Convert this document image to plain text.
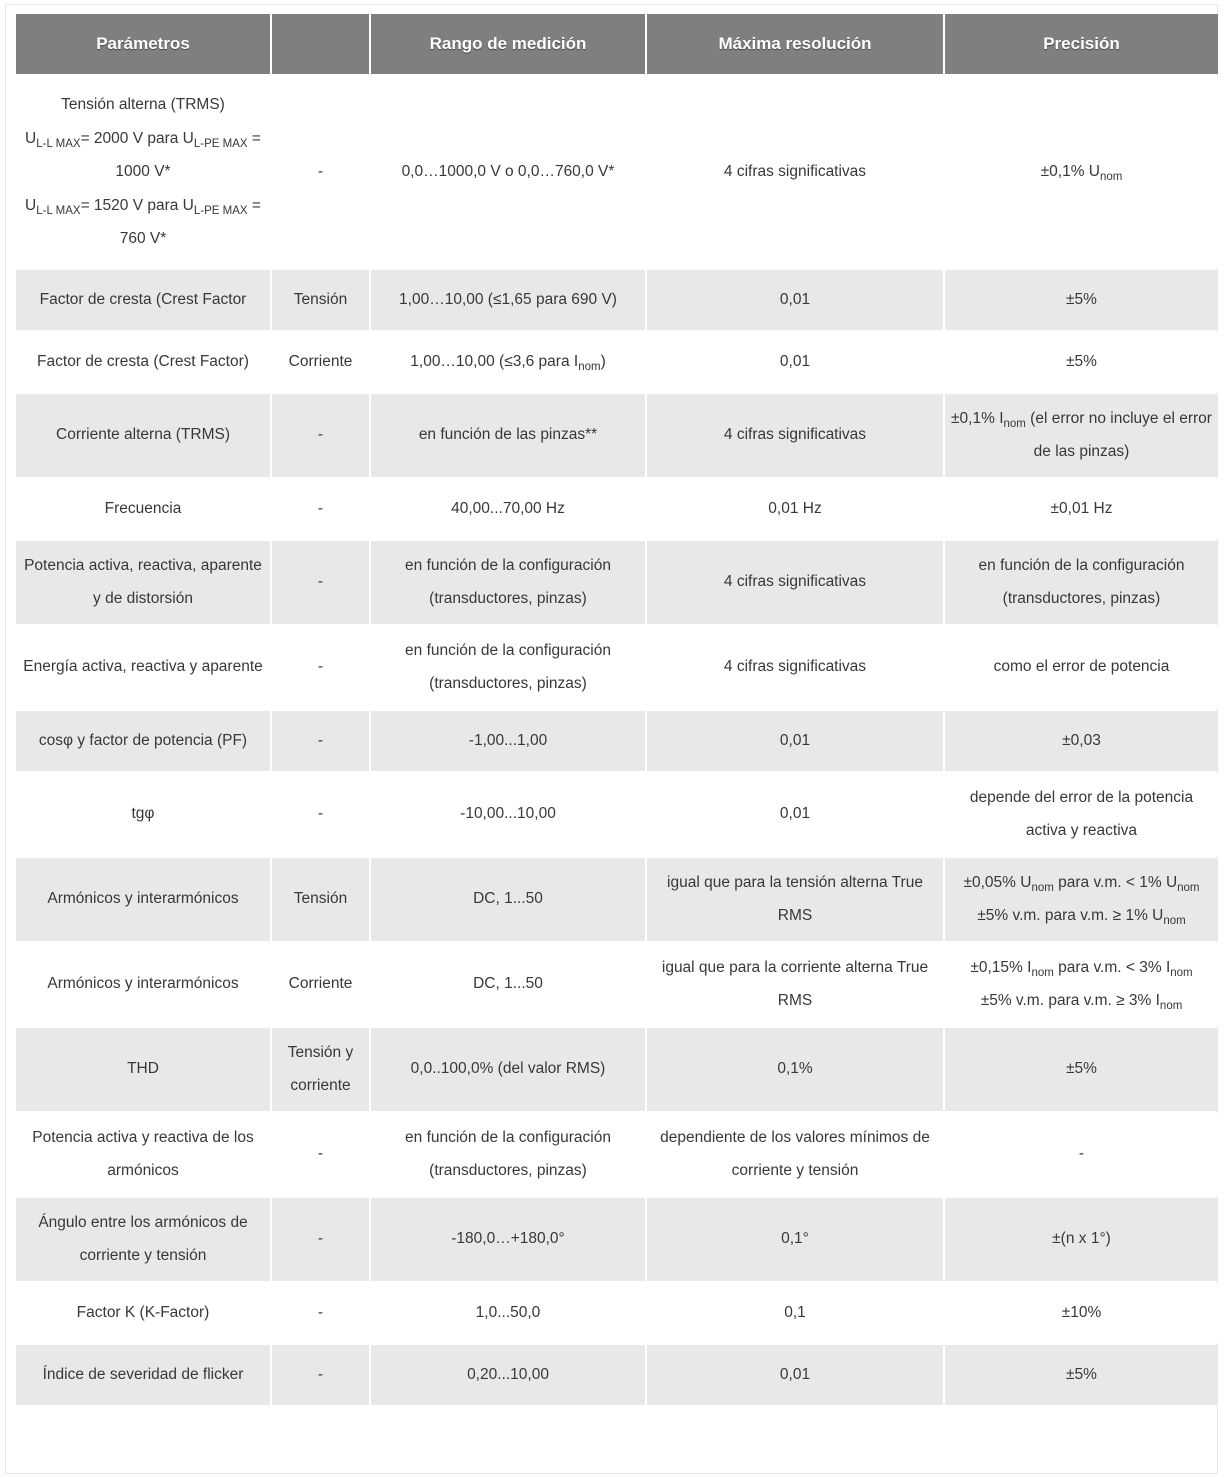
Parámetros		Rango de medición	Máxima resolución	Precisión

Tensión alterna (TRMS)
$U_{L-L MAX}= 2000$ V para $U_{L-PE MAX} = 1000$ V*
$U_{L-L MAX}= 1520$ V para $U_{L-PE MAX} = 760$ V*	-	0,0…1000,0 V o 0,0…760,0 V*	4 cifras significativas	±0,1% $U_{nom}$
Factor de cresta (Crest Factor	Tensión	1,00…10,00 (≤1,65 para 690 V)	0,01	±5%
Factor de cresta (Crest Factor)	Corriente	1,00…10,00 (≤3,6 para $I_{nom}$)	0,01	±5%
Corriente alterna (TRMS)	-	en función de las pinzas**	4 cifras significativas	±0,1% $I_{nom}$ (el error no incluye el error de las pinzas)
Frecuencia	-	40,00...70,00 Hz	0,01 Hz	±0,01 Hz
Potencia activa, reactiva, aparente y de distorsión	-	en función de la configuración (transductores, pinzas)	4 cifras significativas	en función de la configuración (transductores, pinzas)
Energía activa, reactiva y aparente	-	en función de la configuración (transductores, pinzas)	4 cifras significativas	como el error de potencia
cosφ y factor de potencia (PF)	-	-1,00...1,00	0,01	±0,03
tgφ	-	-10,00...10,00	0,01	depende del error de la potencia activa y reactiva
Armónicos y interarmónicos	Tensión	DC, 1...50	igual que para la tensión alterna True RMS	±0,05% $U_{nom}$ para v.m. < 1% $U_{nom}$
±5% v.m. para v.m. ≥ 1% $U_{nom}$

Armónicos y interarmónicos	Corriente	DC, 1...50	igual que para la corriente alterna True RMS	±0,15% $I_{nom}$ para v.m. < 3% $I_{nom}$
±5% v.m. para v.m. ≥ 3% $I_{nom}$

THD	Tensión y corriente	0,0..100,0% (del valor RMS)	0,1%	±5%
Potencia activa y reactiva de los armónicos	-	en función de la configuración (transductores, pinzas)	dependiente de los valores mínimos de corriente y tensión	-
Ángulo entre los armónicos de corriente y tensión	-	-180,0…+180,0°	0,1°	±(n x 1°)
Factor K (K-Factor)	-	1,0...50,0	0,1	±10%
Índice de severidad de flicker	-	0,20...10,00	0,01	±5%
